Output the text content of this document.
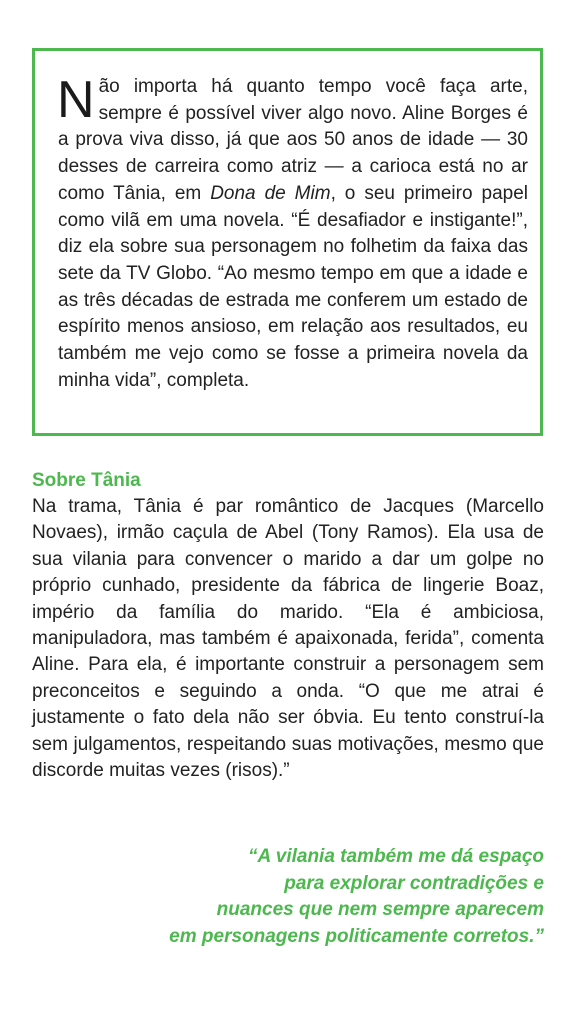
Não importa há quanto tempo você faça arte, sempre é possível viver algo novo. Aline Borges é a prova viva disso, já que aos 50 anos de idade — 30 desses de carreira como atriz — a carioca está no ar como Tânia, em Dona de Mim, o seu primeiro papel como vilã em uma novela. “É desafiador e instigante!”, diz ela sobre sua personagem no folhetim da faixa das sete da TV Globo. “Ao mesmo tempo em que a idade e as três décadas de estrada me conferem um estado de espírito menos ansioso, em relação aos resultados, eu também me vejo como se fosse a primeira novela da minha vida”, completa.

Sobre Tânia

Na trama, Tânia é par romântico de Jacques (Marcello Novaes), irmão caçula de Abel (Tony Ramos). Ela usa de sua vilania para convencer o marido a dar um golpe no próprio cunhado, presidente da fábrica de lingerie Boaz, império da família do marido. “Ela é ambiciosa, manipuladora, mas também é apaixonada, ferida”, comenta Aline. Para ela, é importante construir a personagem sem preconceitos e seguindo a onda. “O que me atrai é justamente o fato dela não ser óbvia. Eu tento construí-la sem julgamentos, respeitando suas motivações, mesmo que discorde muitas vezes (risos).”

“A vilania também me dá espaço
para explorar contradições e
nuances que nem sempre aparecem
em personagens politicamente corretos.”
